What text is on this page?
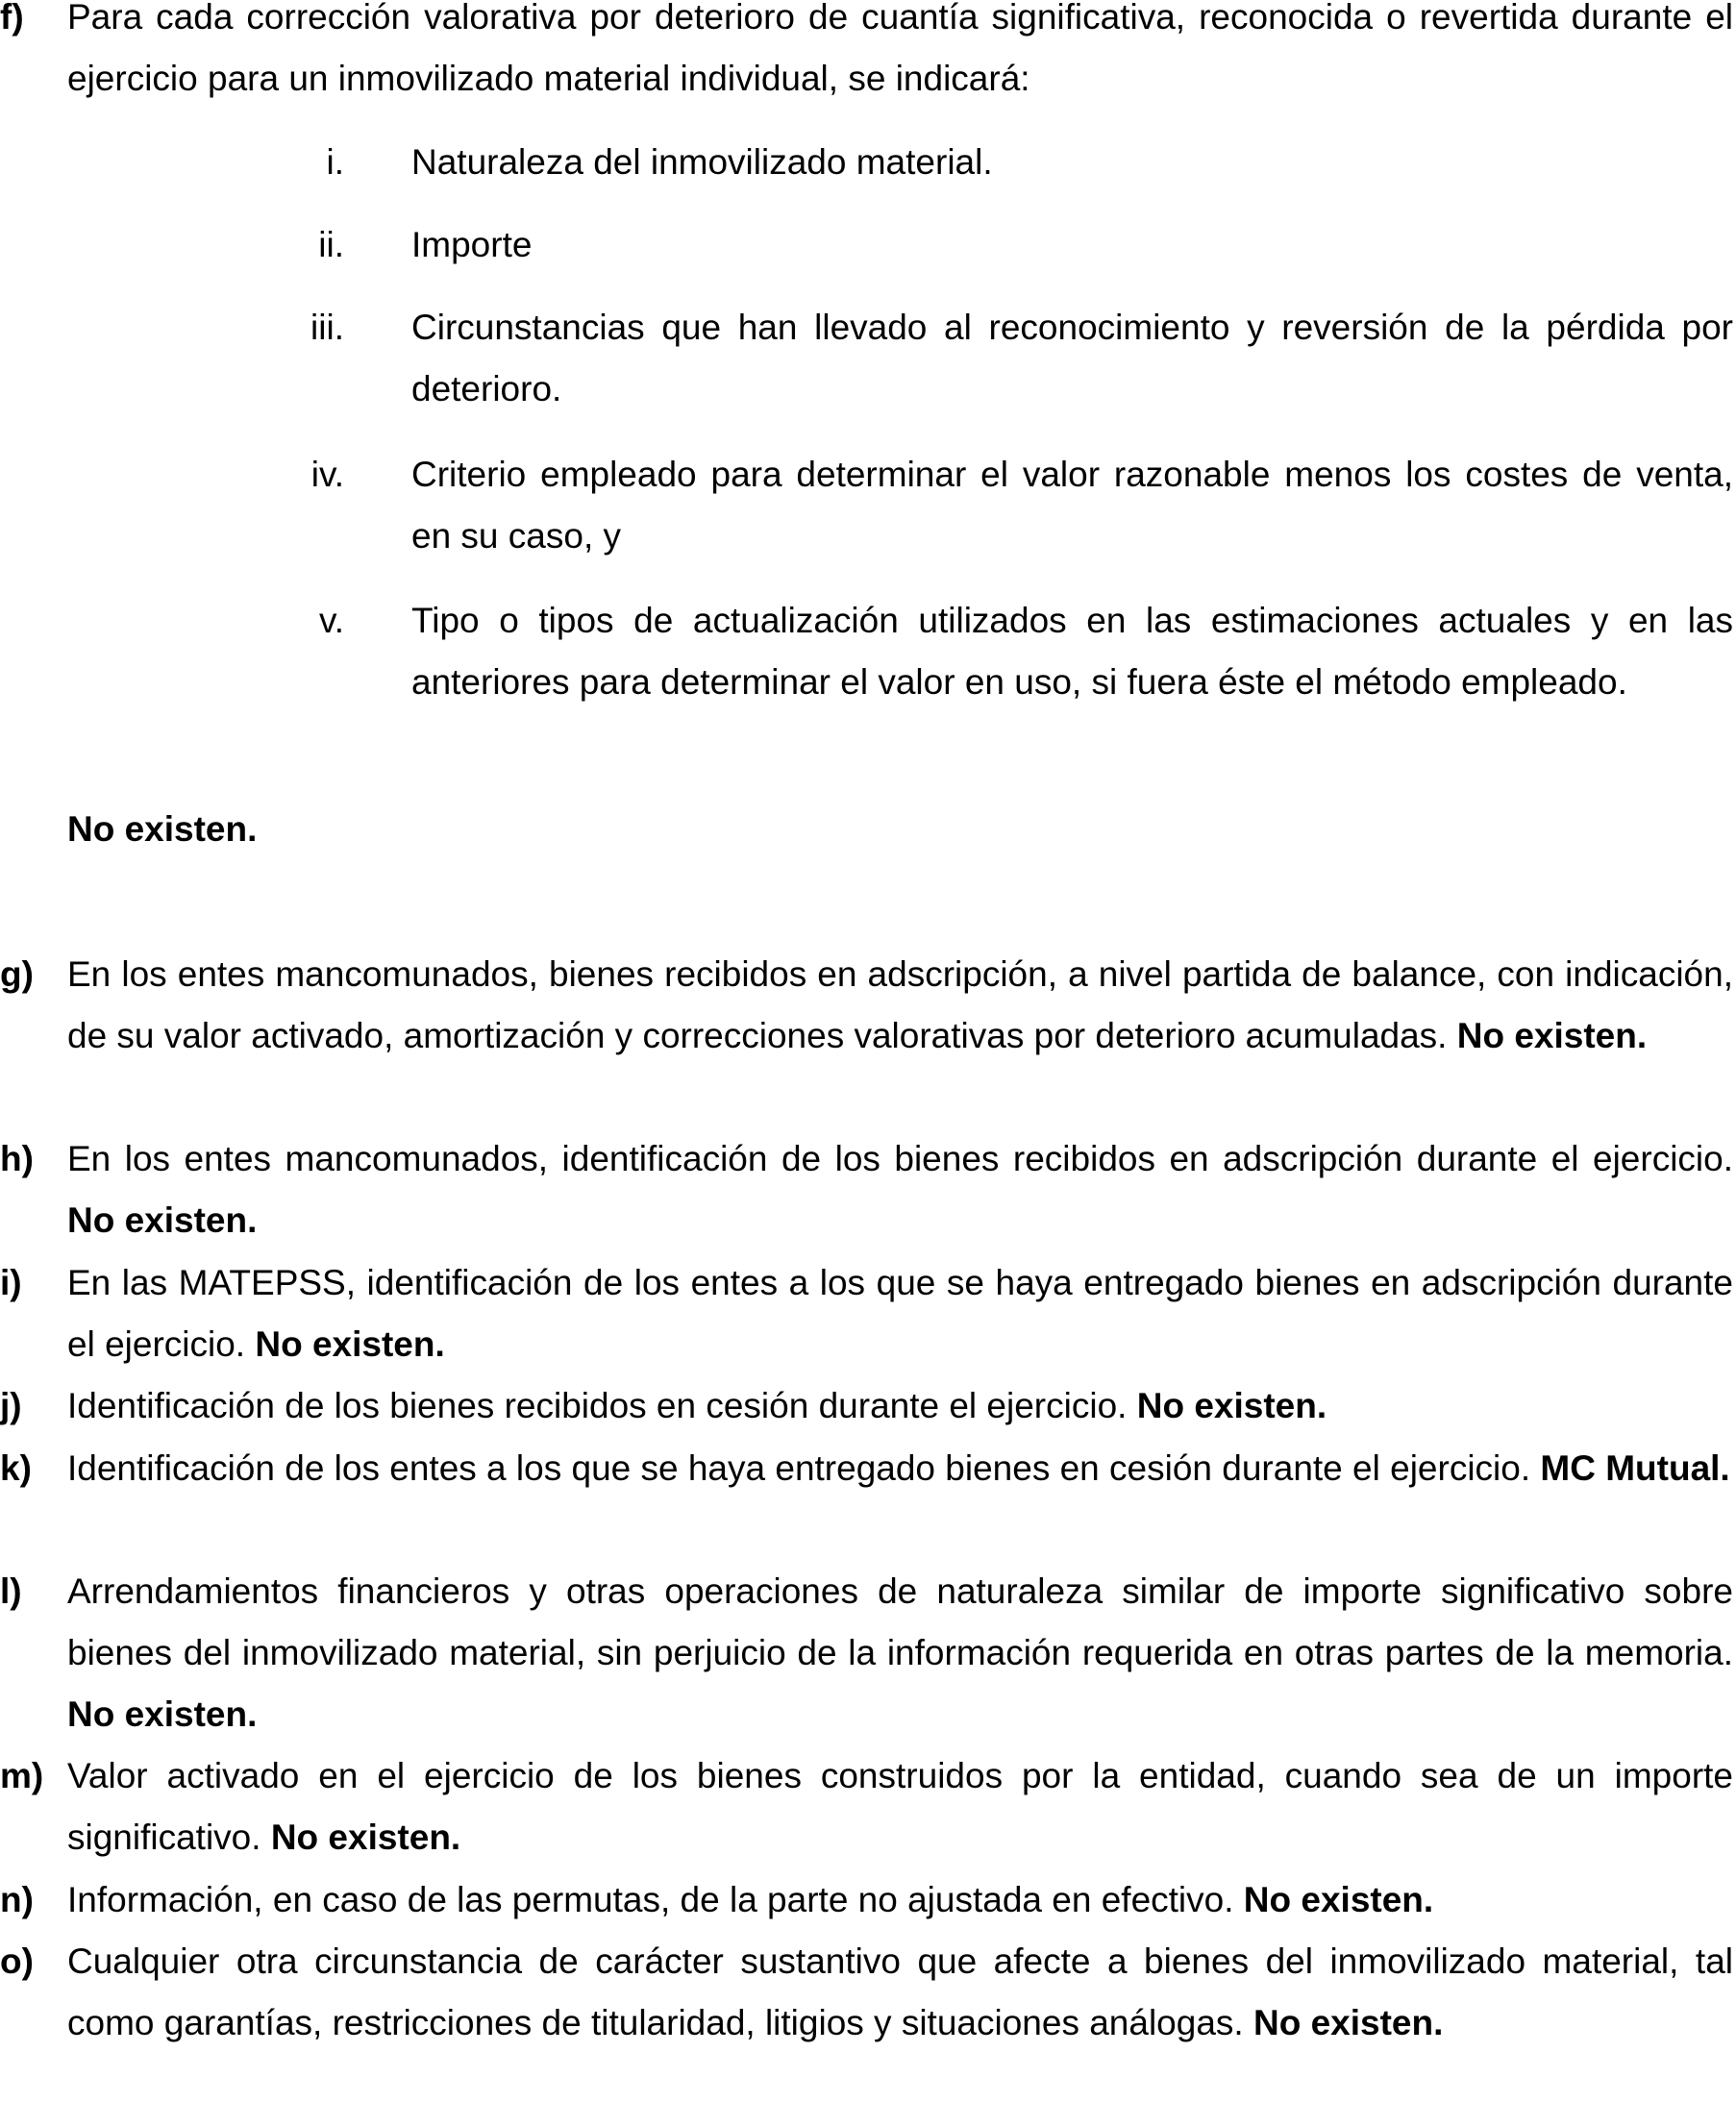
f) Para cada corrección valorativa por deterioro de cuantía significativa, reconocida o revertida durante el ejercicio para un inmovilizado material individual, se indicará:
i. Naturaleza del inmovilizado material.
ii. Importe
iii. Circunstancias que han llevado al reconocimiento y reversión de la pérdida por deterioro.
iv. Criterio empleado para determinar el valor razonable menos los costes de venta, en su caso, y
v. Tipo o tipos de actualización utilizados en las estimaciones actuales y en las anteriores para determinar el valor en uso, si fuera éste el método empleado.
No existen.
g) En los entes mancomunados, bienes recibidos en adscripción, a nivel partida de balance, con indicación, de su valor activado, amortización y correcciones valorativas por deterioro acumuladas. No existen.
h) En los entes mancomunados, identificación de los bienes recibidos en adscripción durante el ejercicio. No existen.
i) En las MATEPSS, identificación de los entes a los que se haya entregado bienes en adscripción durante el ejercicio. No existen.
j) Identificación de los bienes recibidos en cesión durante el ejercicio. No existen.
k) Identificación de los entes a los que se haya entregado bienes en cesión durante el ejercicio. MC Mutual.
l) Arrendamientos financieros y otras operaciones de naturaleza similar de importe significativo sobre bienes del inmovilizado material, sin perjuicio de la información requerida en otras partes de la memoria. No existen.
m) Valor activado en el ejercicio de los bienes construidos por la entidad, cuando sea de un importe significativo. No existen.
n) Información, en caso de las permutas, de la parte no ajustada en efectivo. No existen.
o) Cualquier otra circunstancia de carácter sustantivo que afecte a bienes del inmovilizado material, tal como garantías, restricciones de titularidad, litigios y situaciones análogas. No existen.
